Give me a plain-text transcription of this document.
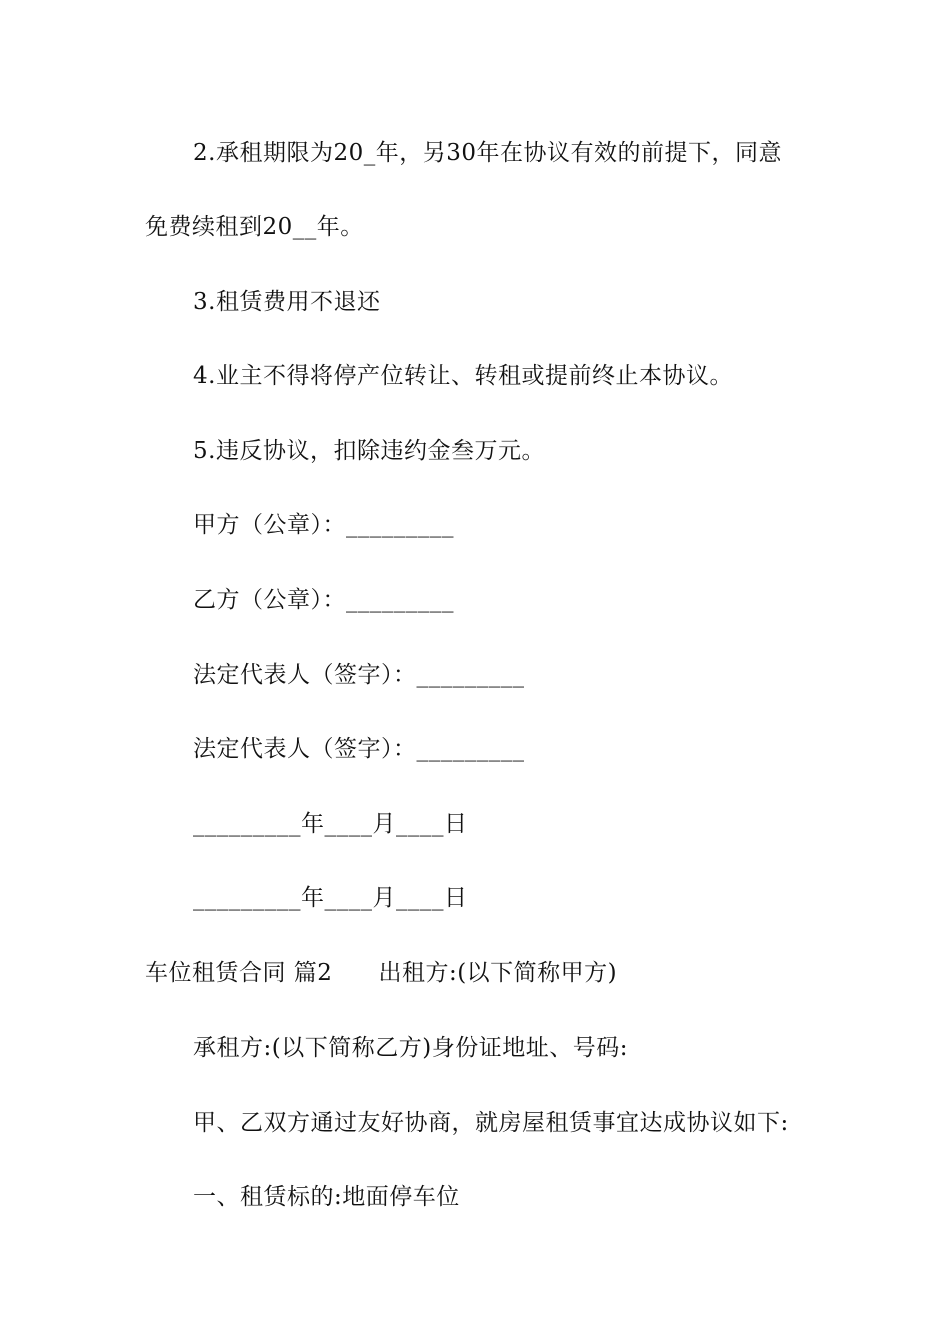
2.承租期限为20_年，另30年在协议有效的前提下，同意
免费续租到20__年。
3.租赁费用不退还
4.业主不得将停产位转让、转租或提前终止本协议。
5.违反协议，扣除违约金叁万元。
甲方（公章）：_________
乙方（公章）：_________
法定代表人（签字）：_________
法定代表人（签字）：_________
_________年____月____日
_________年____月____日
车位租赁合同 篇2 出租方:(以下简称甲方)
承租方:(以下简称乙方)身份证地址、号码:
甲、乙双方通过友好协商，就房屋租赁事宜达成协议如下:
一、租赁标的:地面停车位
